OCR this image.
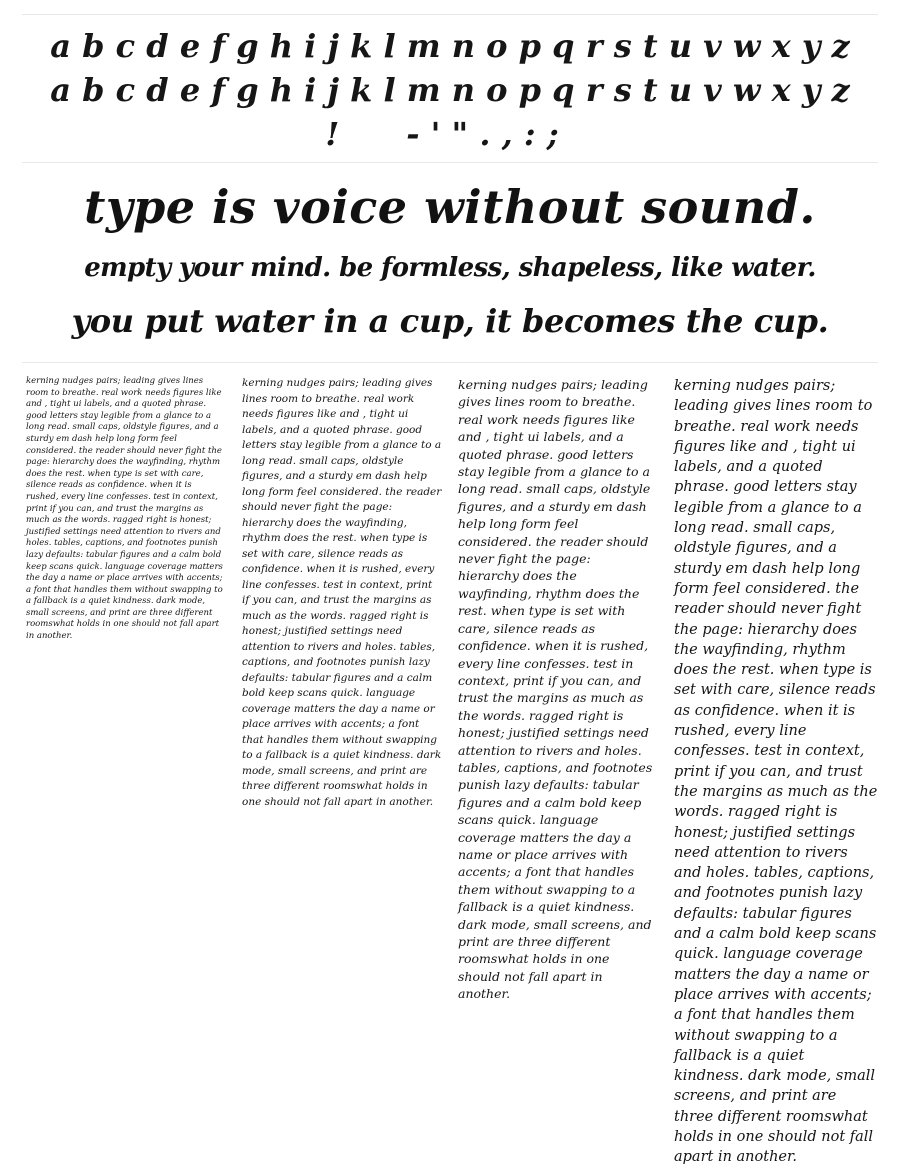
a b c d e f g h i j k l m n o p q r s t u v w x y z
a b c d e f g h i j k l m n o p q r s t u v w x y z
!      - ' " . , : ;
type is voice without sound.
empty your mind. be formless, shapeless, like water.
you put water in a cup, it becomes the cup.
kerning nudges pairs; leading gives lines room to breathe. real work needs figures like and , tight ui labels, and a quoted phrase. good letters stay legible from a glance to a long read. small caps, oldstyle figures, and a sturdy em dash help long form feel considered. the reader should never fight the page: hierarchy does the wayfinding, rhythm does the rest. when type is set with care, silence reads as confidence. when it is rushed, every line confesses. test in context, print if you can, and trust the margins as much as the words. ragged right is honest; justified settings need attention to rivers and holes. tables, captions, and footnotes punish lazy defaults: tabular figures and a calm bold keep scans quick. language coverage matters the day a name or place arrives with accents; a font that handles them without swapping to a fallback is a quiet kindness. dark mode, small screens, and print are three different roomswhat holds in one should not fall apart in another.
kerning nudges pairs; leading gives lines room to breathe. real work needs figures like and , tight ui labels, and a quoted phrase. good letters stay legible from a glance to a long read. small caps, oldstyle figures, and a sturdy em dash help long form feel considered. the reader should never fight the page: hierarchy does the wayfinding, rhythm does the rest. when type is set with care, silence reads as confidence. when it is rushed, every line confesses. test in context, print if you can, and trust the margins as much as the words. ragged right is honest; justified settings need attention to rivers and holes. tables, captions, and footnotes punish lazy defaults: tabular figures and a calm bold keep scans quick. language coverage matters the day a name or place arrives with accents; a font that handles them without swapping to a fallback is a quiet kindness. dark mode, small screens, and print are three different roomswhat holds in one should not fall apart in another.
kerning nudges pairs; leading gives lines room to breathe. real work needs figures like and , tight ui labels, and a quoted phrase. good letters stay legible from a glance to a long read. small caps, oldstyle figures, and a sturdy em dash help long form feel considered. the reader should never fight the page: hierarchy does the wayfinding, rhythm does the rest. when type is set with care, silence reads as confidence. when it is rushed, every line confesses. test in context, print if you can, and trust the margins as much as the words. ragged right is honest; justified settings need attention to rivers and holes. tables, captions, and footnotes punish lazy defaults: tabular figures and a calm bold keep scans quick. language coverage matters the day a name or place arrives with accents; a font that handles them without swapping to a fallback is a quiet kindness. dark mode, small screens, and print are three different roomswhat holds in one should not fall apart in another.
kerning nudges pairs; leading gives lines room to breathe. real work needs figures like and , tight ui labels, and a quoted phrase. good letters stay legible from a glance to a long read. small caps, oldstyle figures, and a sturdy em dash help long form feel considered. the reader should never fight the page: hierarchy does the wayfinding, rhythm does the rest. when type is set with care, silence reads as confidence. when it is rushed, every line confesses. test in context, print if you can, and trust the margins as much as the words. ragged right is honest; justified settings need attention to rivers and holes. tables, captions, and footnotes punish lazy defaults: tabular figures and a calm bold keep scans quick. language coverage matters the day a name or place arrives with accents; a font that handles them without swapping to a fallback is a quiet kindness. dark mode, small screens, and print are three different roomswhat holds in one should not fall apart in another.
